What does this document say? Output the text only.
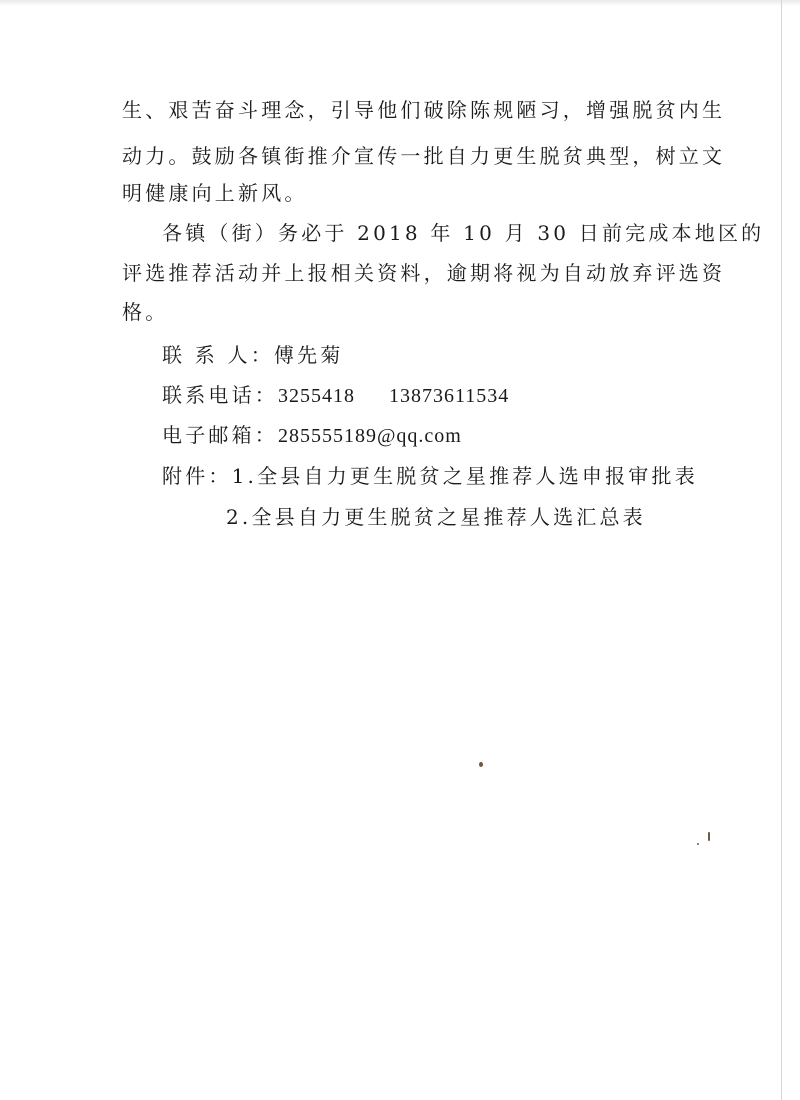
生、艰苦奋斗理念，引导他们破除陈规陋习，增强脱贫内生
动力。鼓励各镇街推介宣传一批自力更生脱贫典型，树立文
明健康向上新风。
各镇（街）务必于 2018 年 10 月 30 日前完成本地区的
评选推荐活动并上报相关资料，逾期将视为自动放弃评选资
格。
联 系 人：傅先菊
联系电话：3255418 13873611534
电子邮箱：285555189@qq.com
附件：1.全县自力更生脱贫之星推荐人选申报审批表
2.全县自力更生脱贫之星推荐人选汇总表
